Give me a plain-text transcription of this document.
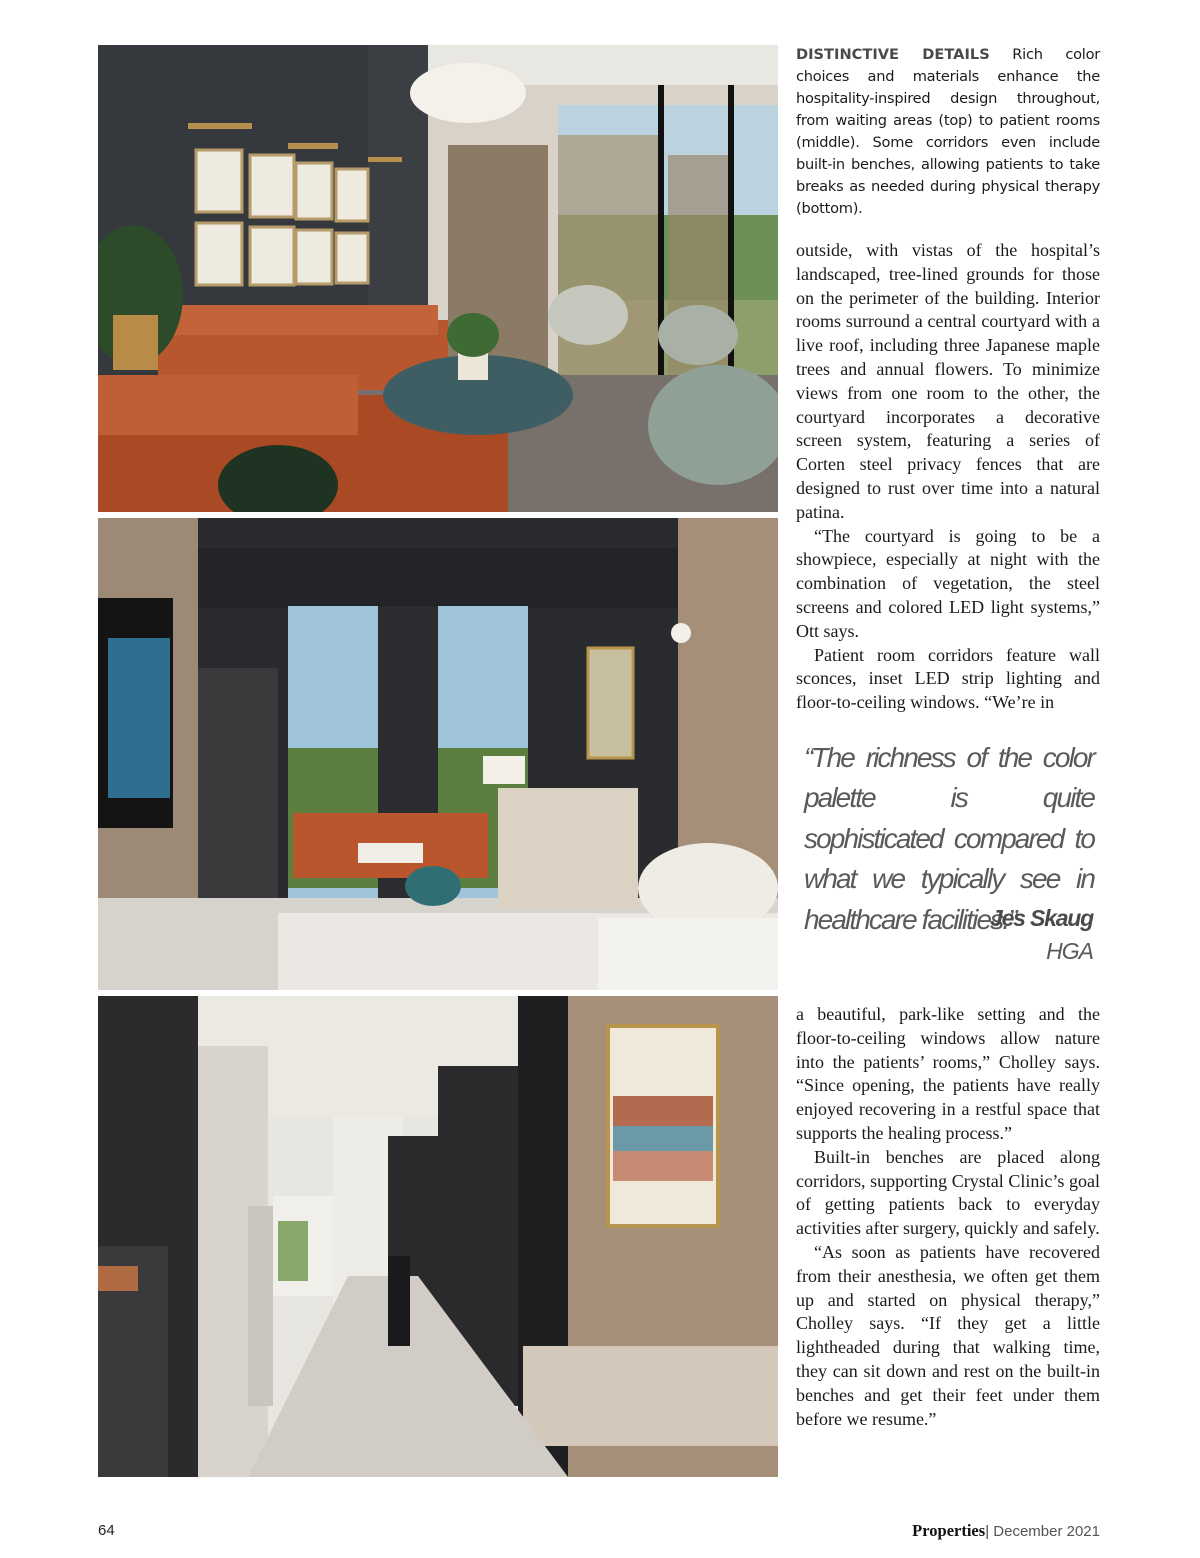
DISTINCTIVE DETAILS Rich color choices and materials enhance the hospitality-inspired design throughout, from waiting areas (top) to patient rooms (middle). Some corridors even include built-in benches, allowing patients to take breaks as needed during physical therapy (bottom).

outside, with vistas of the hospital’s landscaped, tree-lined grounds for those on the perimeter of the building. Interior rooms surround a central courtyard with a live roof, including three Japanese maple trees and annual flowers. To minimize views from one room to the other, the courtyard incorporates a decorative screen system, featuring a series of Corten steel privacy fences that are designed to rust over time into a natural patina.

“The courtyard is going to be a showpiece, especially at night with the combination of vegetation, the steel screens and colored LED light systems,” Ott says.

Patient room corridors feature wall sconces, inset LED strip lighting and floor-to-ceiling windows. “We’re in

“The richness of the color palette is quite sophisticated compared to what we typically see in healthcare facilities.”
Jes Skaug
HGA

a beautiful, park-like setting and the floor-to-ceiling windows allow nature into the patients’ rooms,” Cholley says. “Since opening, the patients have really enjoyed recovering in a restful space that supports the healing process.”

Built-in benches are placed along corridors, supporting Crystal Clinic’s goal of getting patients back to everyday activities after surgery, quickly and safely.

“As soon as patients have recovered from their anesthesia, we often get them up and started on physical therapy,” Cholley says. “If they get a little lightheaded during that walking time, they can sit down and rest on the built-in benches and get their feet under them before we resume.”

64	Properties| December 2021
